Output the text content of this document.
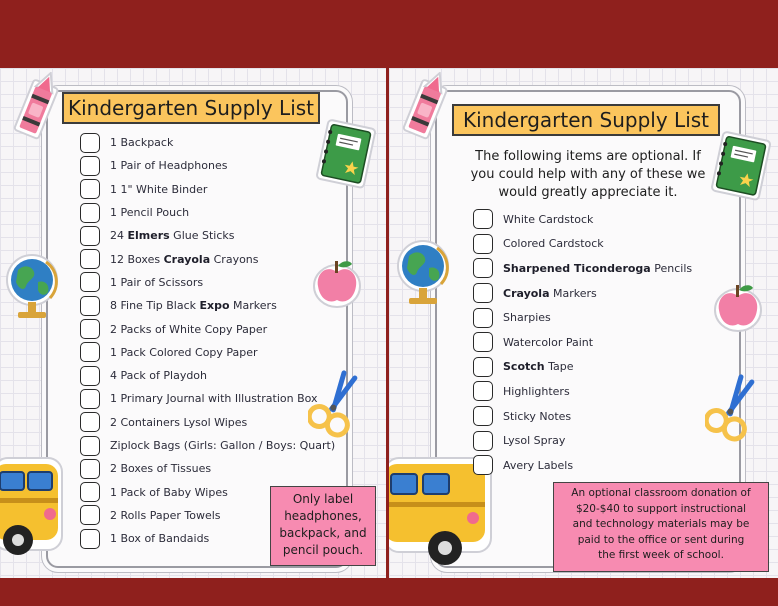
Kindergarten Supply List
1 Backpack
1 Pair of Headphones
1 1" White Binder
1 Pencil Pouch
24 Elmers Glue Sticks
12 Boxes Crayola Crayons
1 Pair of Scissors
8 Fine Tip Black Expo Markers
2 Packs of White Copy Paper
1 Pack Colored Copy Paper
4 Pack of Playdoh
1 Primary Journal with Illustration Box
2 Containers Lysol Wipes
Ziplock Bags (Girls: Gallon / Boys: Quart)
2 Boxes of Tissues
1 Pack of Baby Wipes
2 Rolls Paper Towels
1 Box of Bandaids
Only label
headphones,
backpack, and
pencil pouch.
Kindergarten Supply List
The following items are optional. If
you could help with any of these we
would greatly appreciate it.
White Cardstock
Colored Cardstock
Sharpened Ticonderoga Pencils
Crayola Markers
Sharpies
Watercolor Paint
Scotch Tape
Highlighters
Sticky Notes
Lysol Spray
Avery Labels
An optional classroom donation of
$20-$40 to support instructional
and technology materials may be
paid to the office or sent during
the first week of school.
